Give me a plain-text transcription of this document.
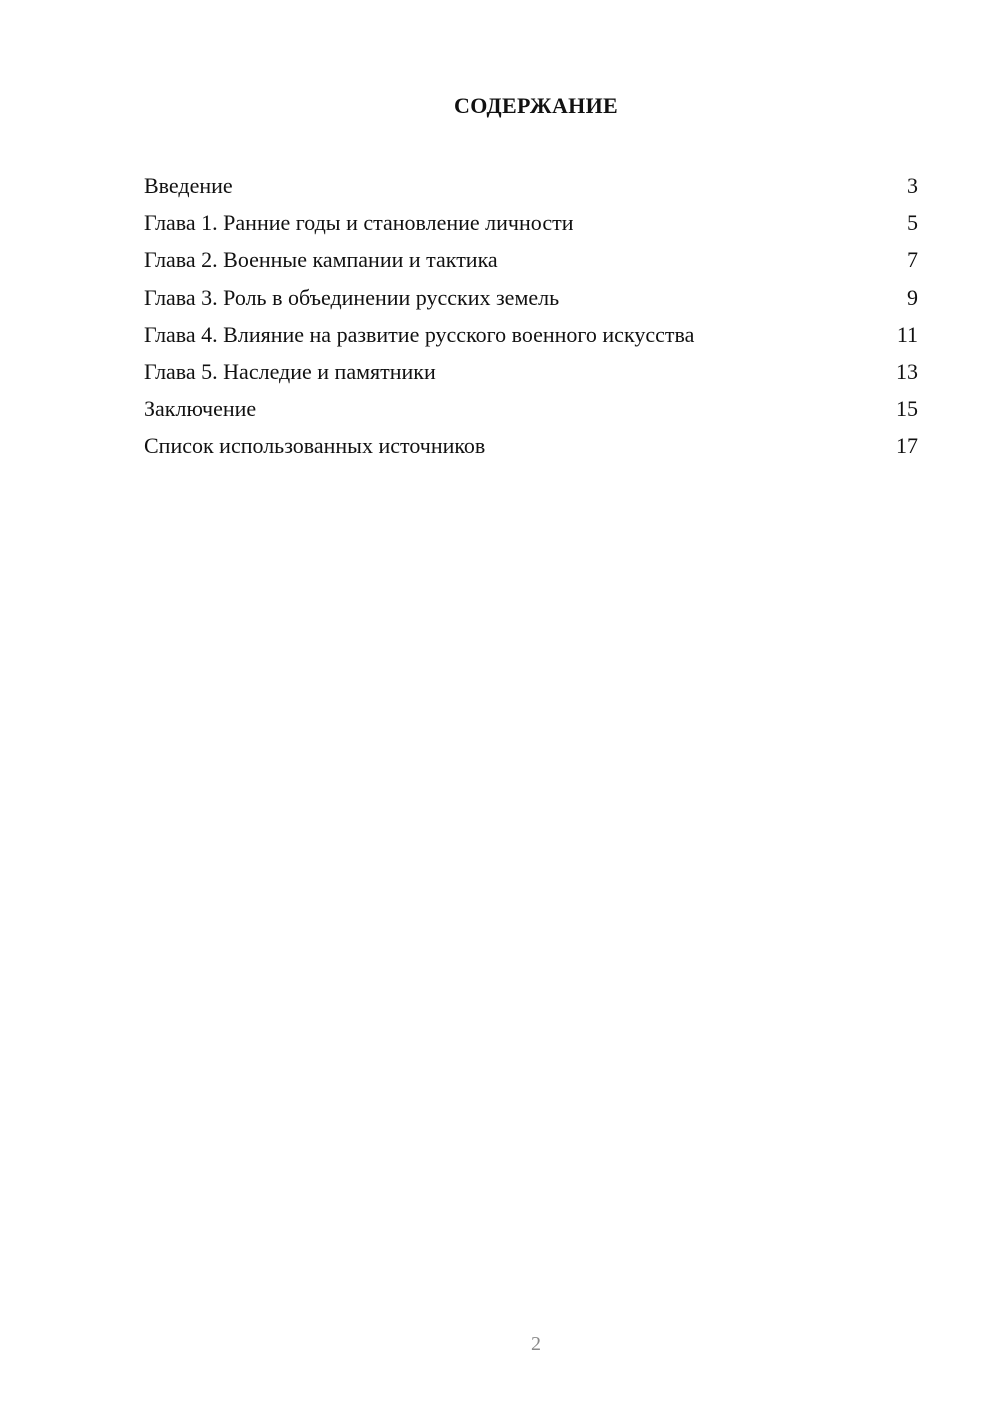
СОДЕРЖАНИЕ
Введение	3
Глава 1. Ранние годы и становление личности	5
Глава 2. Военные кампании и тактика	7
Глава 3. Роль в объединении русских земель	9
Глава 4. Влияние на развитие русского военного искусства	11
Глава 5. Наследие и памятники	13
Заключение	15
Список использованных источников	17
2
